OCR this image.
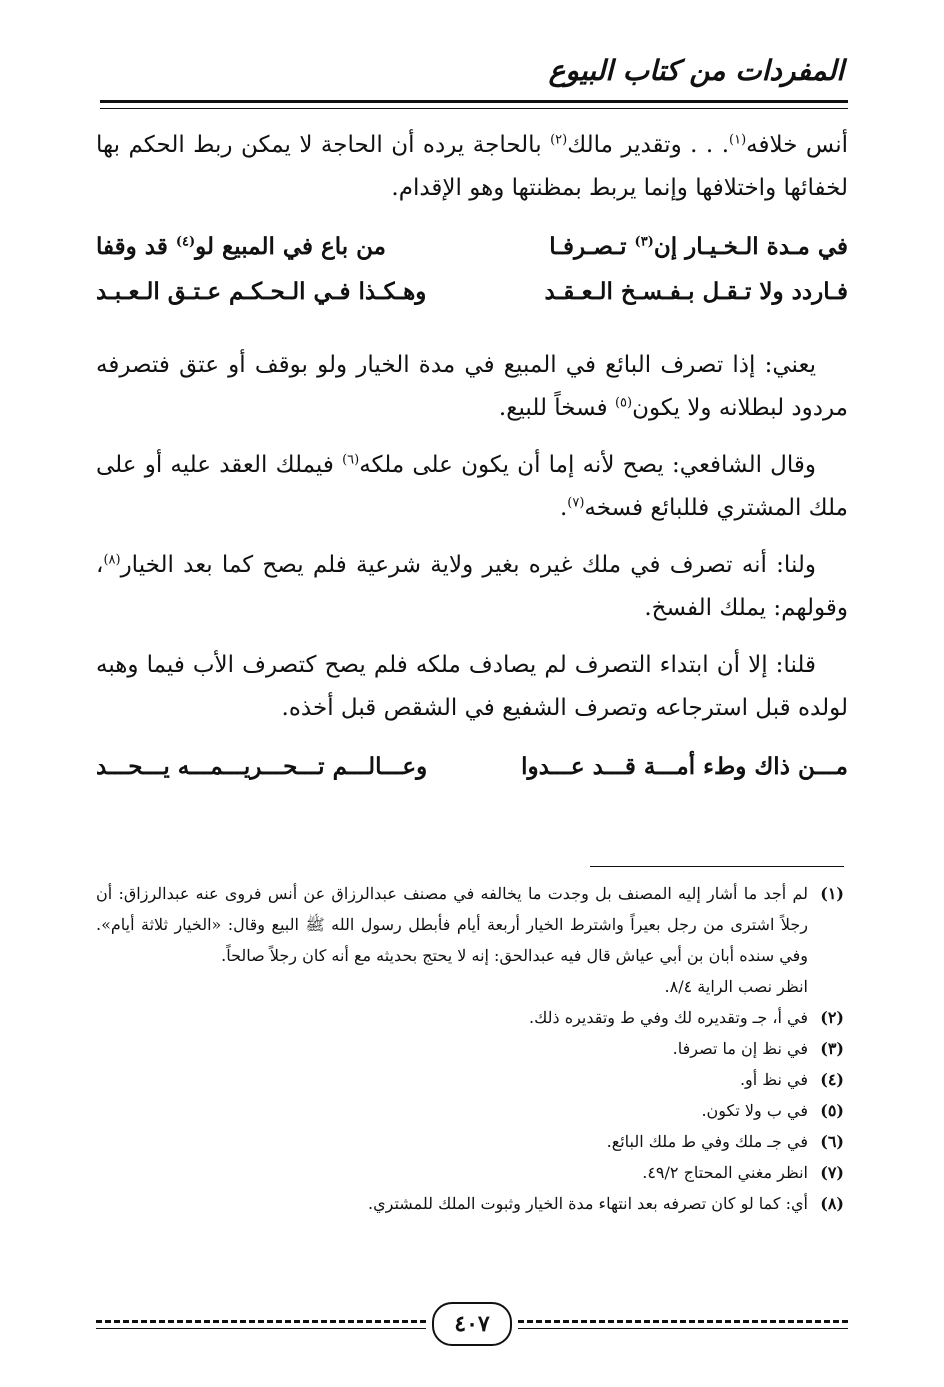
المفردات من كتاب البيوع

أنس خلافه$^{(١)}$. . . وتقدير مالك$^{(٢)}$ بالحاجة يرده أن الحاجة لا يمكن ربط الحكم بها لخفائها واختلافها وإنما يربط بمظنتها وهو الإقدام.

في مـدة الـخـيـار إن$^{(٣)}$ تـصـرفـا
من باع في المبيع لو$^{(٤)}$ قد وقفا
فـاردد ولا تـقـل بـفـسـخ الـعـقـد
وهـكـذا فـي الـحـكـم عـتـق الـعـبـد

يعني: إذا تصرف البائع في المبيع في مدة الخيار ولو بوقف أو عتق فتصرفه مردود لبطلانه ولا يكون$^{(٥)}$ فسخاً للبيع.

وقال الشافعي: يصح لأنه إما أن يكون على ملكه$^{(٦)}$ فيملك العقد عليه أو على ملك المشتري فللبائع فسخه$^{(٧)}$.

ولنا: أنه تصرف في ملك غيره بغير ولاية شرعية فلم يصح كما بعد الخيار$^{(٨)}$، وقولهم: يملك الفسخ.

قلنا: إلا أن ابتداء التصرف لم يصادف ملكه فلم يصح كتصرف الأب فيما وهبه لولده قبل استرجاعه وتصرف الشفيع في الشقص قبل أخذه.

مـــن ذاك وطء أمـــة قـــد عـــدوا
وعـــالـــم تـــحـــريـــمـــه يـــحـــد
(١)
لم أجد ما أشار إليه المصنف بل وجدت ما يخالفه في مصنف عبدالرزاق عن أنس فروى عنه عبدالرزاق: أن رجلاً اشترى من رجل بعيراً واشترط الخيار أربعة أيام فأبطل رسول الله ﷺ البيع وقال: «الخيار ثلاثة أيام». وفي سنده أبان بن أبي عياش قال فيه عبدالحق: إنه لا يحتج بحديثه مع أنه كان رجلاً صالحاً.
انظر نصب الراية ٨/٤.
(٢)
في أ، جـ وتقديره لك وفي ط وتقديره ذلك.
(٣)
في نظ إن ما تصرفا.
(٤)
في نظ أو.
(٥)
في ب ولا تكون.
(٦)
في جـ ملك وفي ط ملك البائع.
(٧)
انظر مغني المحتاج ٤٩/٢.
(٨)
أي: كما لو كان تصرفه بعد انتهاء مدة الخيار وثبوت الملك للمشتري.
٤٠٧
